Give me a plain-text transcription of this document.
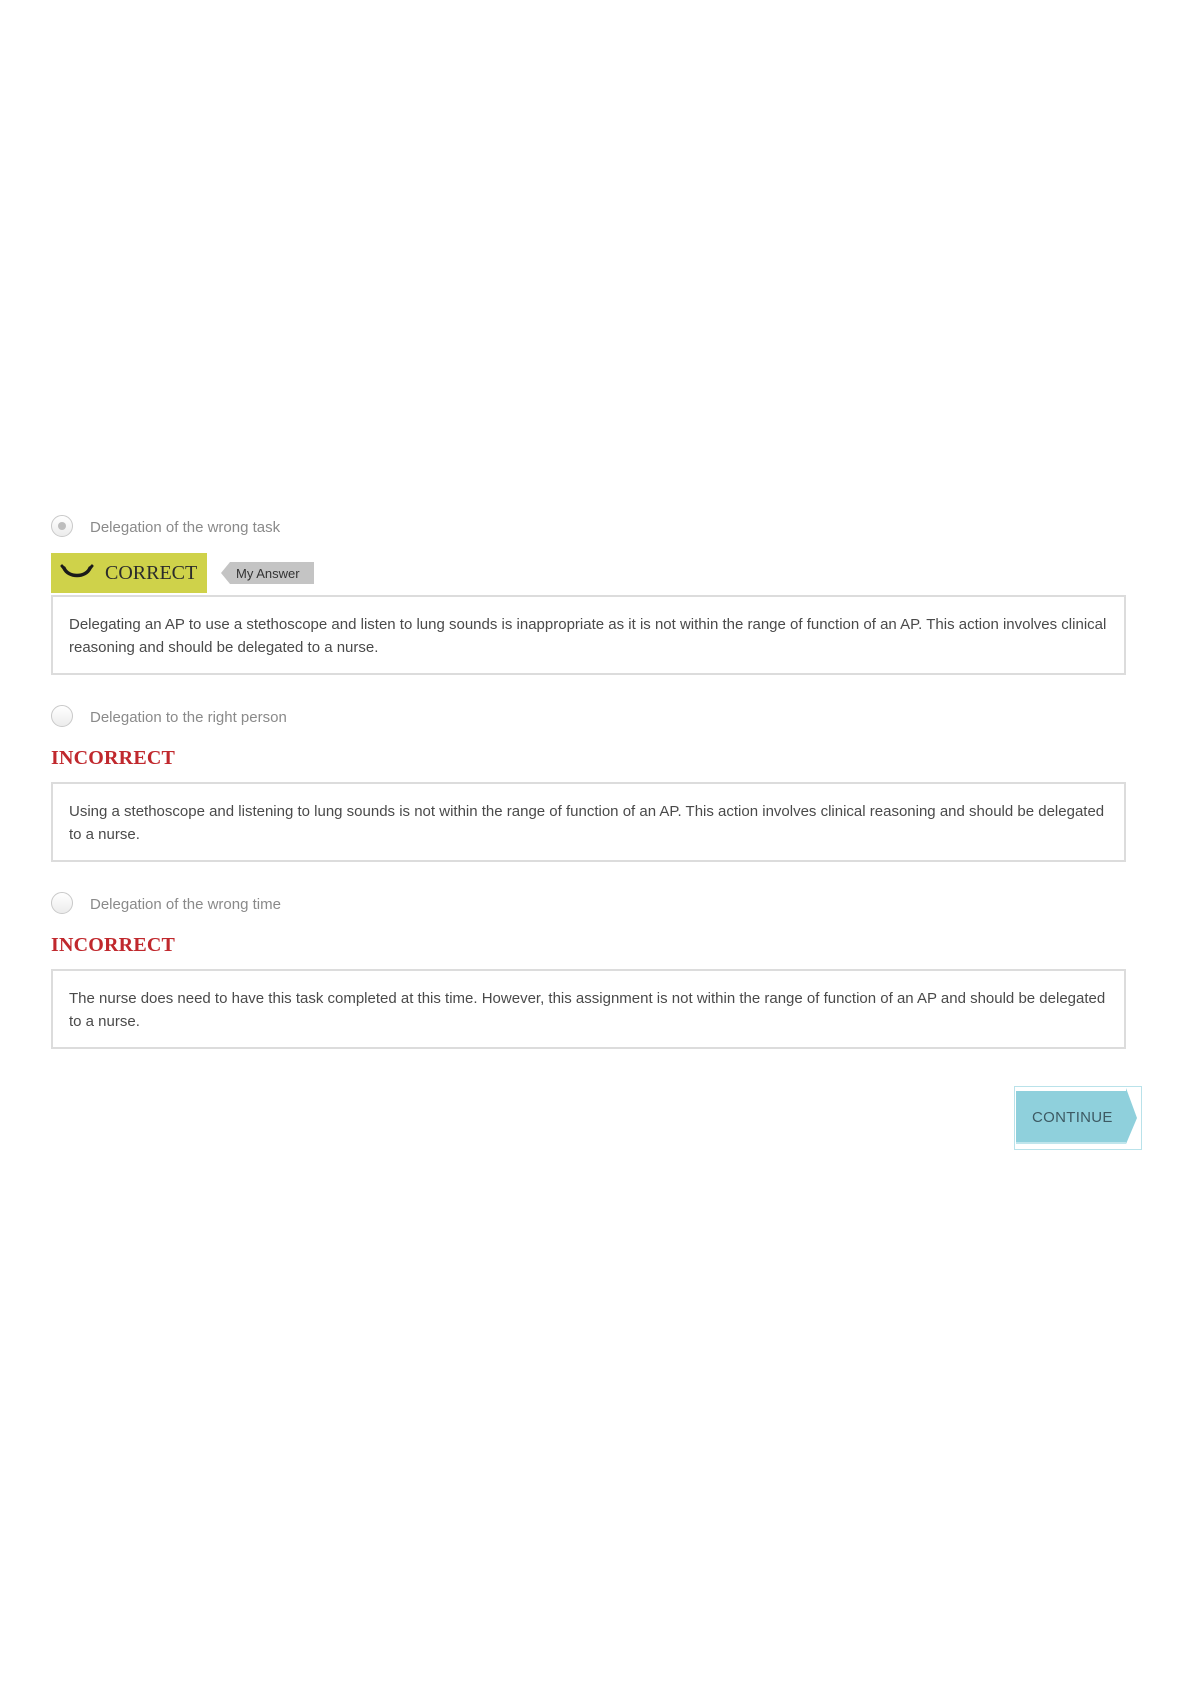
Delegation of the wrong task
CORRECT	My Answer
Delegating an AP to use a stethoscope and listen to lung sounds is inappropriate as it is not within the range of function of an AP. This action involves clinical reasoning and should be delegated to a nurse.
Delegation to the right person
INCORRECT
Using a stethoscope and listening to lung sounds is not within the range of function of an AP. This action involves clinical reasoning and should be delegated to a nurse.
Delegation of the wrong time
INCORRECT
The nurse does need to have this task completed at this time. However, this assignment is not within the range of function of an AP and should be delegated to a nurse.
CONTINUE
